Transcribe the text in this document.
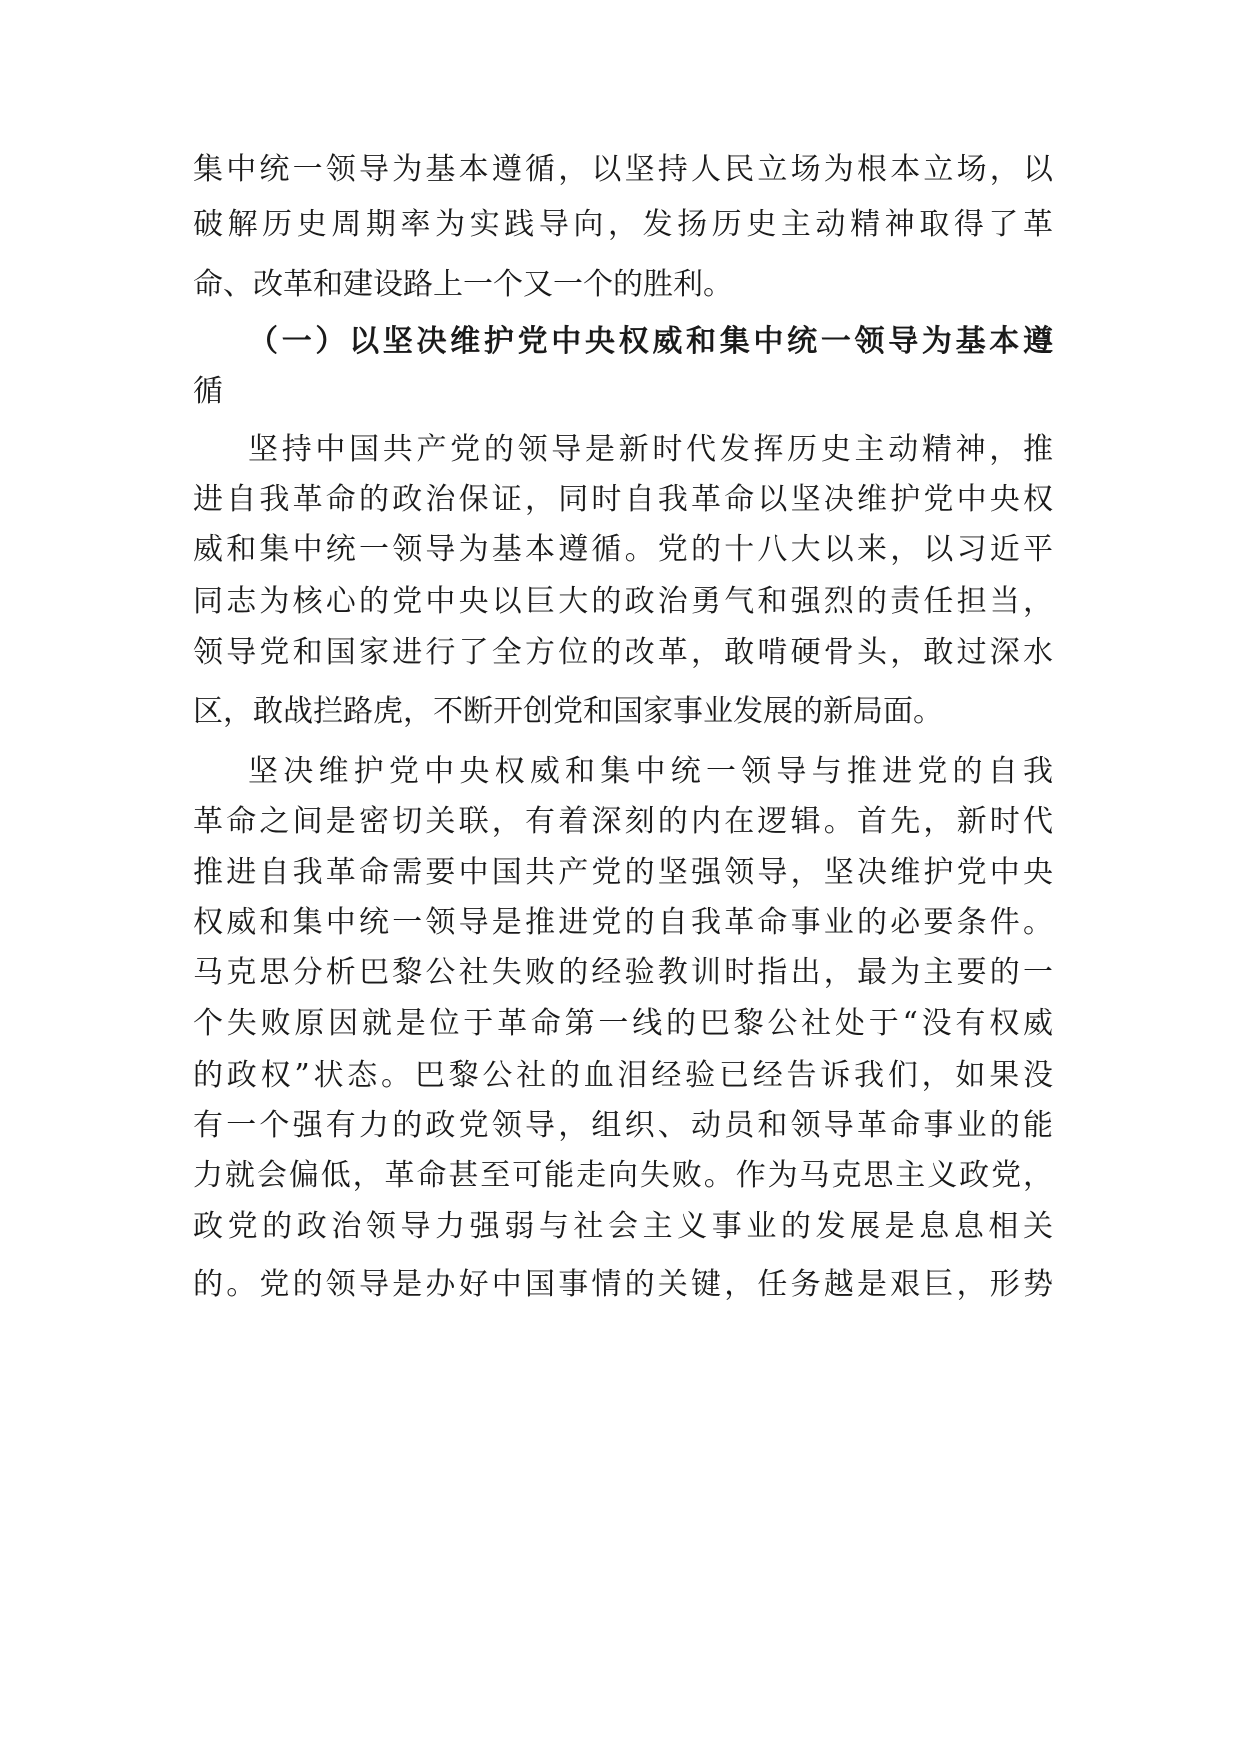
集中统一领导为基本遵循，以坚持人民立场为根本立场，以
破解历史周期率为实践导向，发扬历史主动精神取得了革
命、改革和建设路上一个又一个的胜利。
（一）以坚决维护党中央权威和集中统一领导为基本遵
循
坚持中国共产党的领导是新时代发挥历史主动精神，推
进自我革命的政治保证，同时自我革命以坚决维护党中央权
威和集中统一领导为基本遵循。党的十八大以来，以习近平
同志为核心的党中央以巨大的政治勇气和强烈的责任担当，
领导党和国家进行了全方位的改革，敢啃硬骨头，敢过深水
区，敢战拦路虎，不断开创党和国家事业发展的新局面。
坚决维护党中央权威和集中统一领导与推进党的自我
革命之间是密切关联，有着深刻的内在逻辑。首先，新时代
推进自我革命需要中国共产党的坚强领导，坚决维护党中央
权威和集中统一领导是推进党的自我革命事业的必要条件。
马克思分析巴黎公社失败的经验教训时指出，最为主要的一
个失败原因就是位于革命第一线的巴黎公社处于“没有权威
的政权”状态。巴黎公社的血泪经验已经告诉我们，如果没
有一个强有力的政党领导，组织、动员和领导革命事业的能
力就会偏低，革命甚至可能走向失败。作为马克思主义政党，
政党的政治领导力强弱与社会主义事业的发展是息息相关
的。党的领导是办好中国事情的关键，任务越是艰巨，形势
